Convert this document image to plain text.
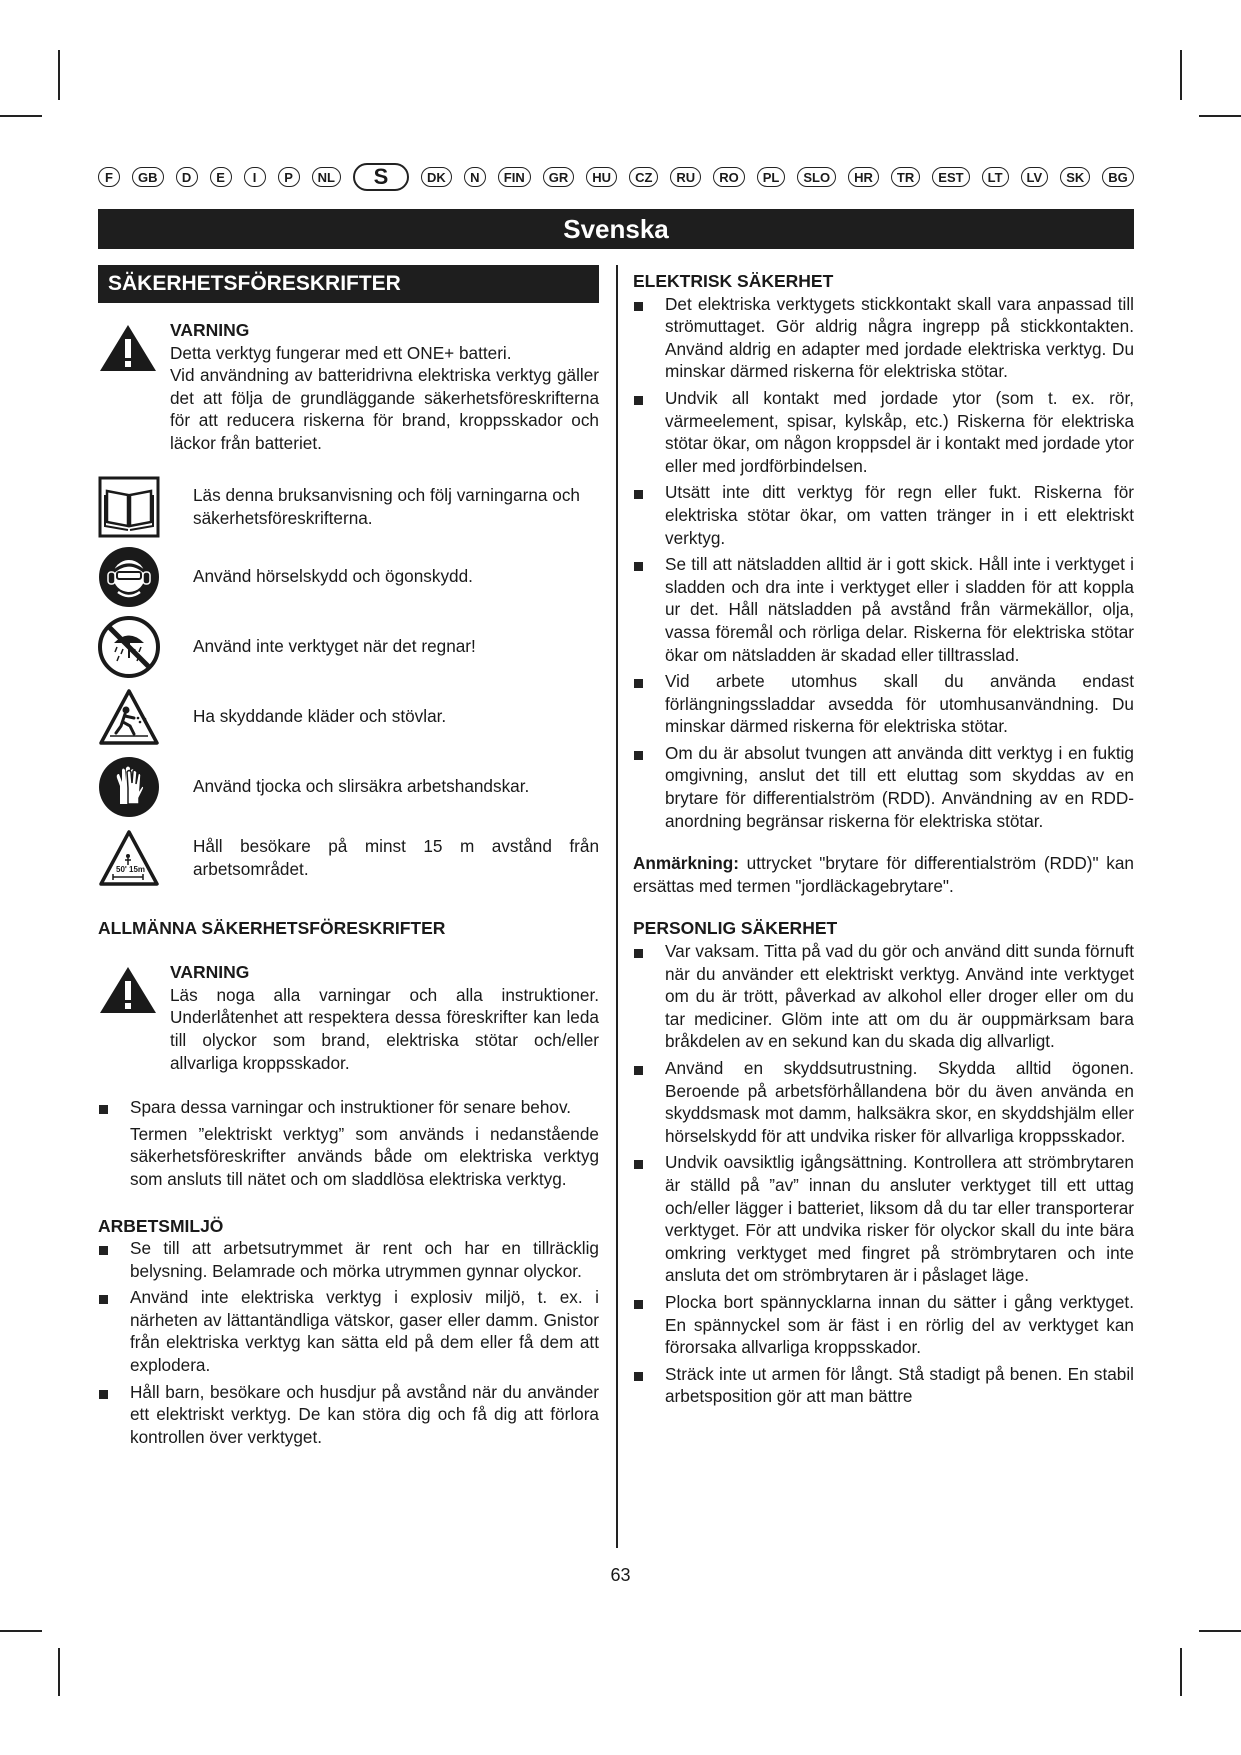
F	GB	D	E	I	P	NL	S	DK	N	FIN	GR	HU	CZ	RU	RO	PL	SLO	HR	TR	EST	LT	LV	SK	BG
Svenska
SÄKERHETSFÖRESKRIFTER
VARNING

Detta verktyg fungerar med ett ONE+ batteri.

Vid användning av batteridrivna elektriska verktyg gäller det att följa de grundläggande säkerhetsföreskrifterna för att reducera riskerna för brand, kroppsskador och läckor från batteriet.

Läs denna bruksanvisning och följ varningarna och säkerhetsföreskrifterna.
Använd hörselskydd och ögonskydd.
Använd inte verktyget när det regnar!
Ha skyddande kläder och stövlar.
Använd tjocka och slirsäkra arbetshandskar.
50' 15m
Håll besökare på minst 15 m avstånd från arbetsområdet.
ALLMÄNNA SÄKERHETSFÖRESKRIFTER
VARNING

Läs noga alla varningar och alla instruktioner. Underlåtenhet att respektera dessa föreskrifter kan leda till olyckor som brand, elektriska stötar och/eller allvarliga kroppsskador.

Spara dessa varningar och instruktioner för senare behov.

Termen ”elektriskt verktyg” som används i nedanstående säkerhetsföreskrifter används både om elektriska verktyg som ansluts till nätet och om sladdlösa elektriska verktyg.

ARBETSMILJÖ
Se till att arbetsutrymmet är rent och har en tillräcklig belysning. Belamrade och mörka utrymmen gynnar olyckor.
Använd inte elektriska verktyg i explosiv miljö, t. ex. i närheten av lättantändliga vätskor, gaser eller damm. Gnistor från elektriska verktyg kan sätta eld på dem eller få dem att explodera.
Håll barn, besökare och husdjur på avstånd när du använder ett elektriskt verktyg. De kan störa dig och få dig att förlora kontrollen över verktyget.
ELEKTRISK SÄKERHET
Det elektriska verktygets stickkontakt skall vara anpassad till strömuttaget. Gör aldrig några ingrepp på stickkontakten. Använd aldrig en adapter med jordade elektriska verktyg. Du minskar därmed riskerna för elektriska stötar.
Undvik all kontakt med jordade ytor (som t. ex. rör, värmeelement, spisar, kylskåp, etc.) Riskerna för elektriska stötar ökar, om någon kroppsdel är i kontakt med jordade ytor eller med jordförbindelsen.
Utsätt inte ditt verktyg för regn eller fukt. Riskerna för elektriska stötar ökar, om vatten tränger in i ett elektriskt verktyg.
Se till att nätsladden alltid är i gott skick. Håll inte i verktyget i sladden och dra inte i verktyget eller i sladden för att koppla ur det. Håll nätsladden på avstånd från värmekällor, olja, vassa föremål och rörliga delar. Riskerna för elektriska stötar ökar om nätsladden är skadad eller tilltrasslad.
Vid arbete utomhus skall du använda endast förlängningssladdar avsedda för utomhusanvändning. Du minskar därmed riskerna för elektriska stötar.
Om du är absolut tvungen att använda ditt verktyg i en fuktig omgivning, anslut det till ett eluttag som skyddas av en brytare för differentialström (RDD). Användning av en RDD-anordning begränsar riskerna för elektriska stötar.

Anmärkning: uttrycket "brytare för differentialström (RDD)" kan ersättas med termen "jordläckagebrytare".

PERSONLIG SÄKERHET
Var vaksam. Titta på vad du gör och använd ditt sunda förnuft när du använder ett elektriskt verktyg. Använd inte verktyget om du är trött, påverkad av alkohol eller droger eller om du tar mediciner. Glöm inte att om du är ouppmärksam bara bråkdelen av en sekund kan du skada dig allvarligt.
Använd en skyddsutrustning. Skydda alltid ögonen. Beroende på arbetsförhållandena bör du även använda en skyddsmask mot damm, halksäkra skor, en skyddshjälm eller hörselskydd för att undvika risker för allvarliga kroppsskador.
Undvik oavsiktlig igångsättning. Kontrollera att strömbrytaren är ställd på ”av” innan du ansluter verktyget till ett uttag och/eller lägger i batteriet, liksom då du tar eller transporterar verktyget. För att undvika risker för olyckor skall du inte bära omkring verktyget med fingret på strömbrytaren och inte ansluta det om strömbrytaren är i påslaget läge.
Plocka bort spännycklarna innan du sätter i gång verktyget. En spännyckel som är fäst i en rörlig del av verktyget kan förorsaka allvarliga kroppsskador.
Sträck inte ut armen för långt. Stå stadigt på benen. En stabil arbetsposition gör att man bättre
63
